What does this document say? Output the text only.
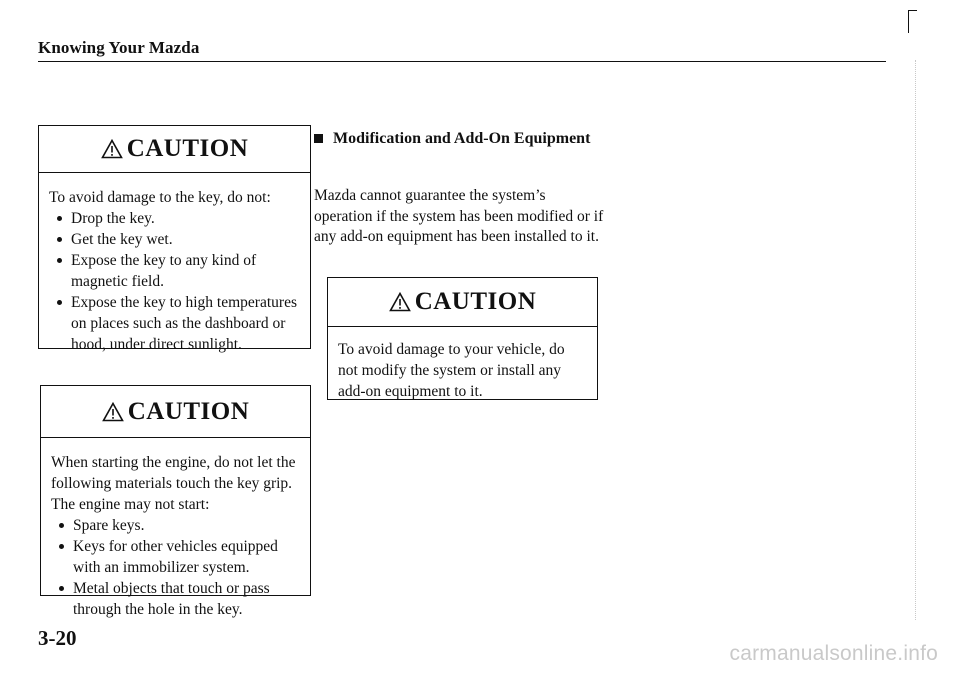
Knowing Your Mazda
CAUTION

To avoid damage to the key, do not:

Drop the key.
Get the key wet.
Expose the key to any kind of magnetic field.
Expose the key to high temperatures on places such as the dashboard or hood, under direct sunlight.
CAUTION

When starting the engine, do not let the following materials touch the key grip. The engine may not start:

Spare keys.
Keys for other vehicles equipped with an immobilizer system.
Metal objects that touch or pass through the hole in the key.
Modification and Add-On Equipment
Mazda cannot guarantee the system’s operation if the system has been modified or if any add-on equipment has been installed to it.
CAUTION

To avoid damage to your vehicle, do not modify the system or install any add-on equipment to it.

3-20
carmanualsonline.info
